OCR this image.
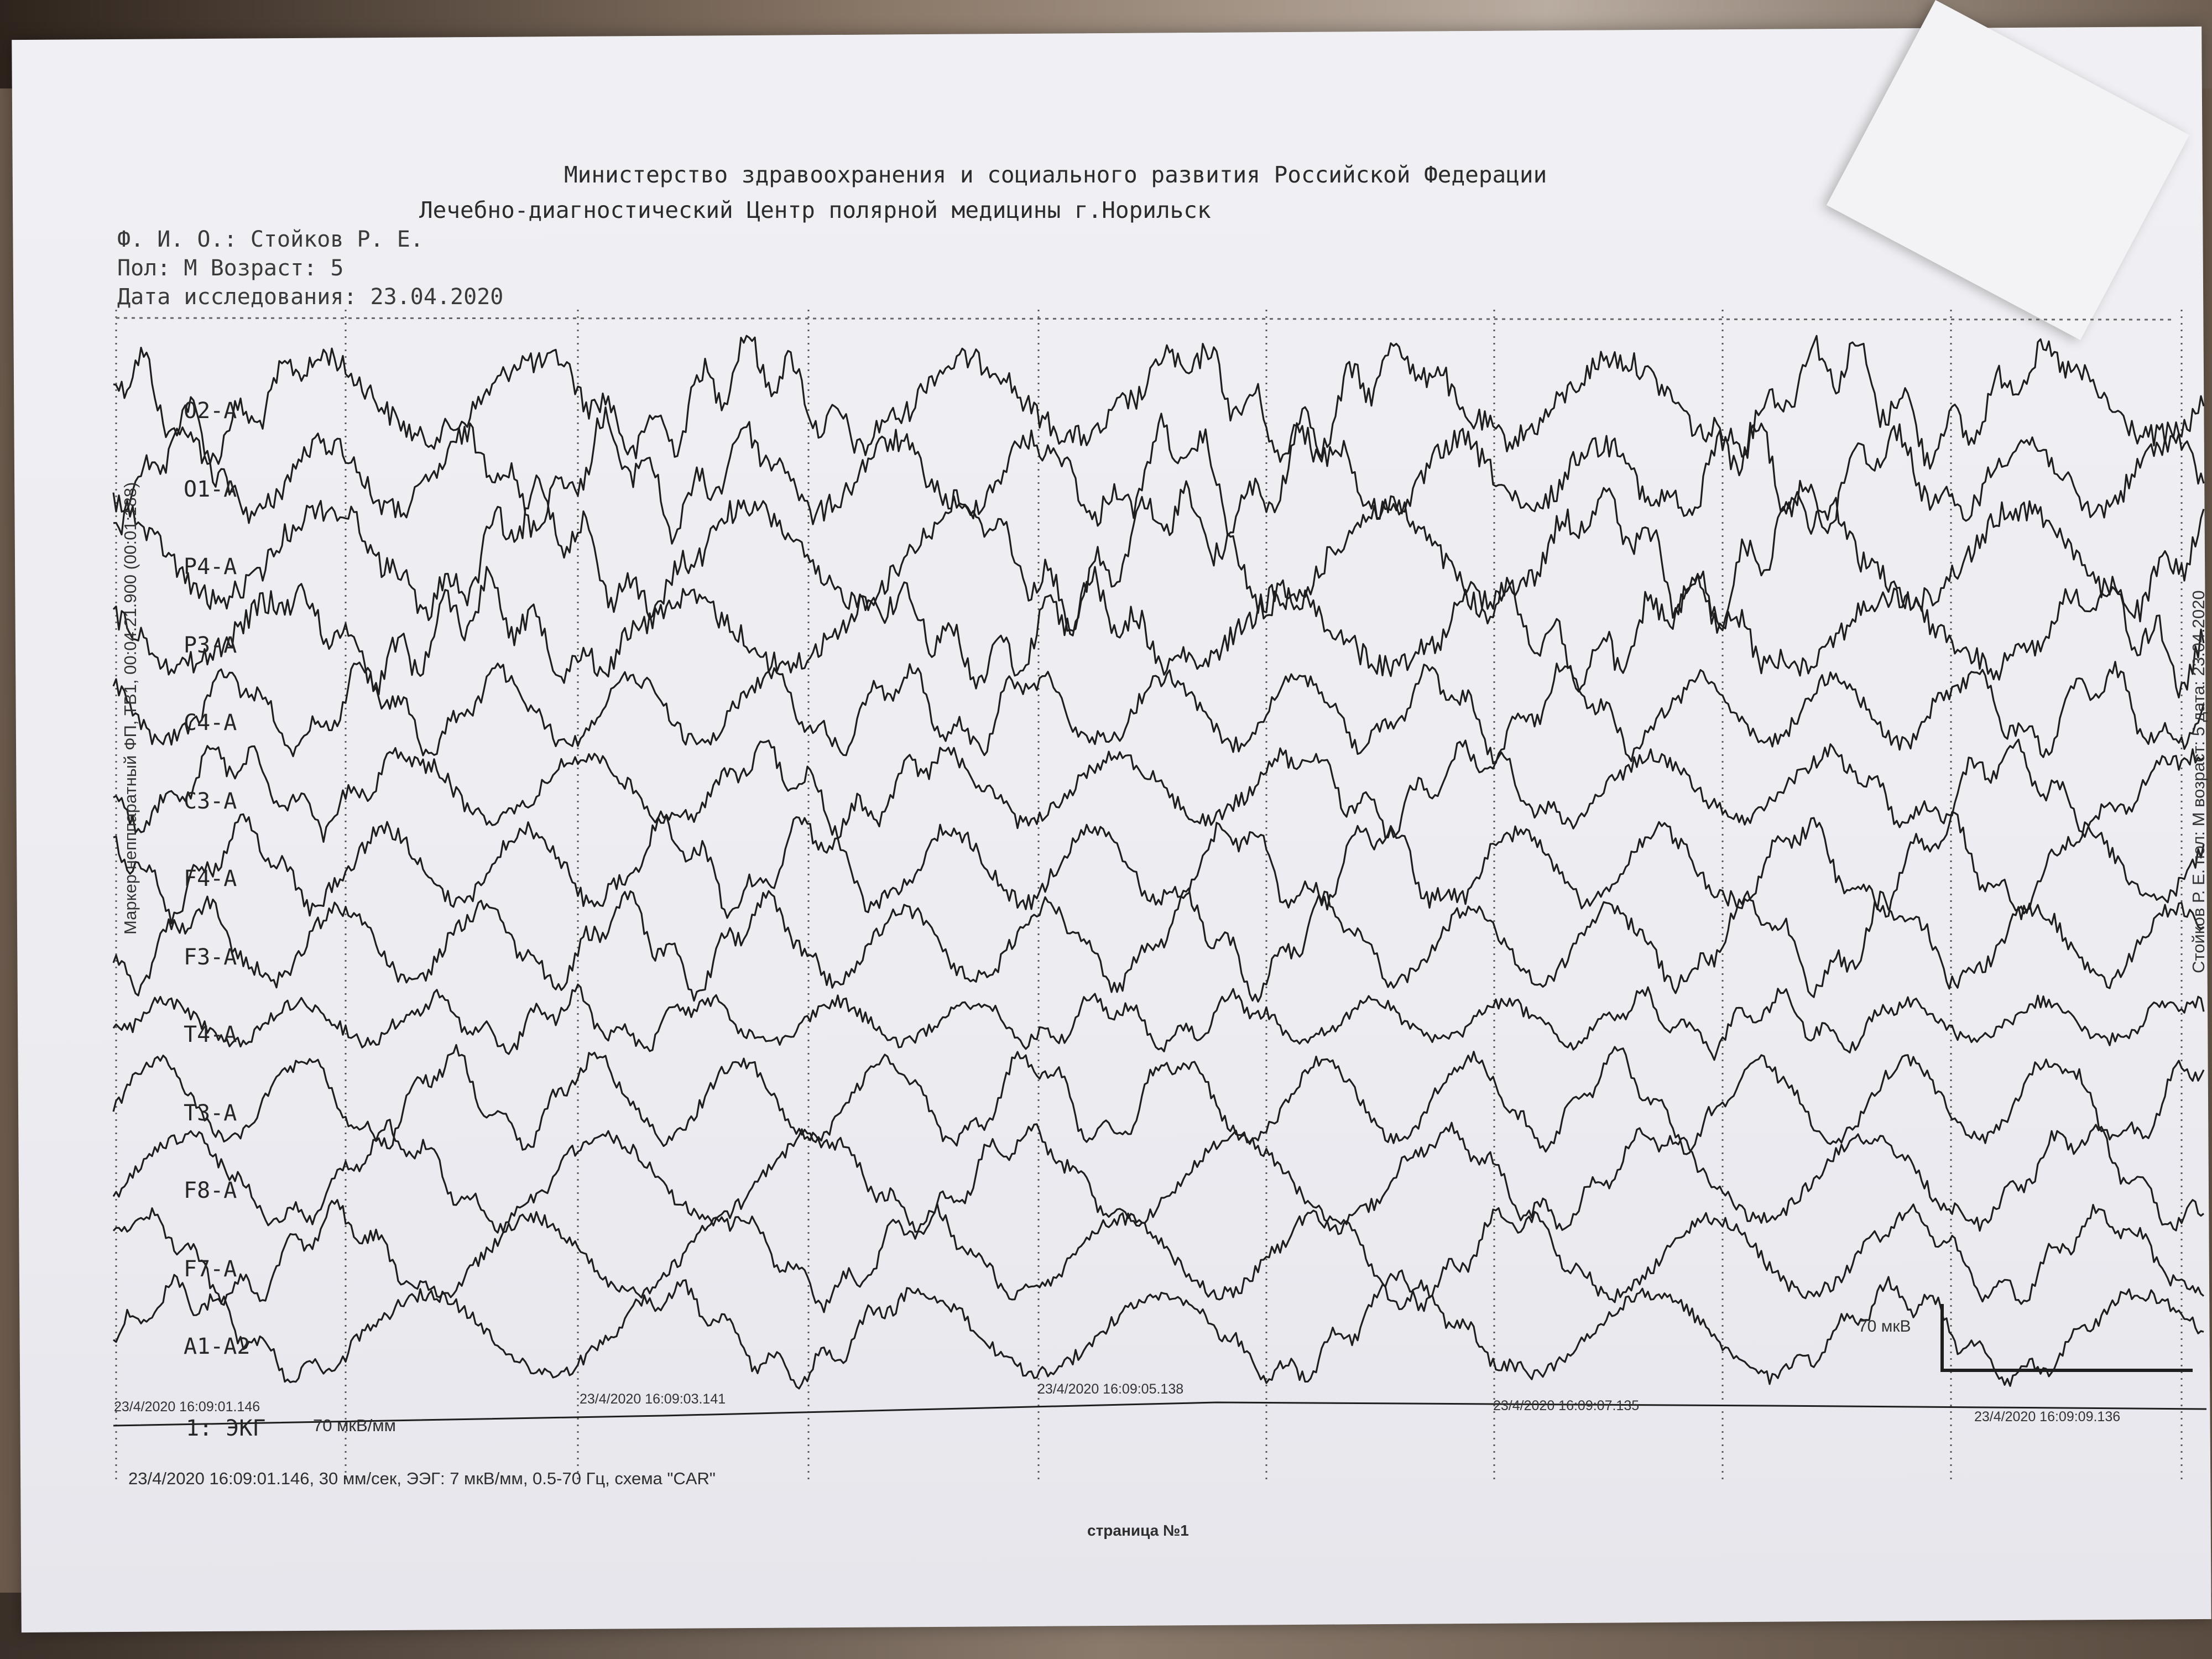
Министерство здравоохранения и социального развития Российской Федерации
Лечебно-диагностический Центр полярной медицины г.Норильск
Ф. И. О.: Стойков Р. Е.
Пол: М Возраст: 5
Дата исследования: 23.04.2020
O2-A
O1-A
P4-A
P3-A
C4-A
C3-A
F4-A
F3-A
T4-A
T3-A
F8-A
F7-A
A1-A2
23/4/2020 16:09:01.146	23/4/2020 16:09:03.141
23/4/2020 16:09:05.138
23/4/2020 16:09:07.135
23/4/2020 16:09:09.136
1: ЭКГ	70 мкВ/мм
70 мкВ
23/4/2020 16:09:01.146, 30 мм/сек, ЭЭГ: 7 мкВ/мм, 0.5-70 Гц, схема "CAR"
страница №1
Маркер непппаратный ФП, ТВ1, 00:04:21.900 (00:01:188)	Стойков Р. Е. пол: М возраст: 5 дата: 23.04.2020
